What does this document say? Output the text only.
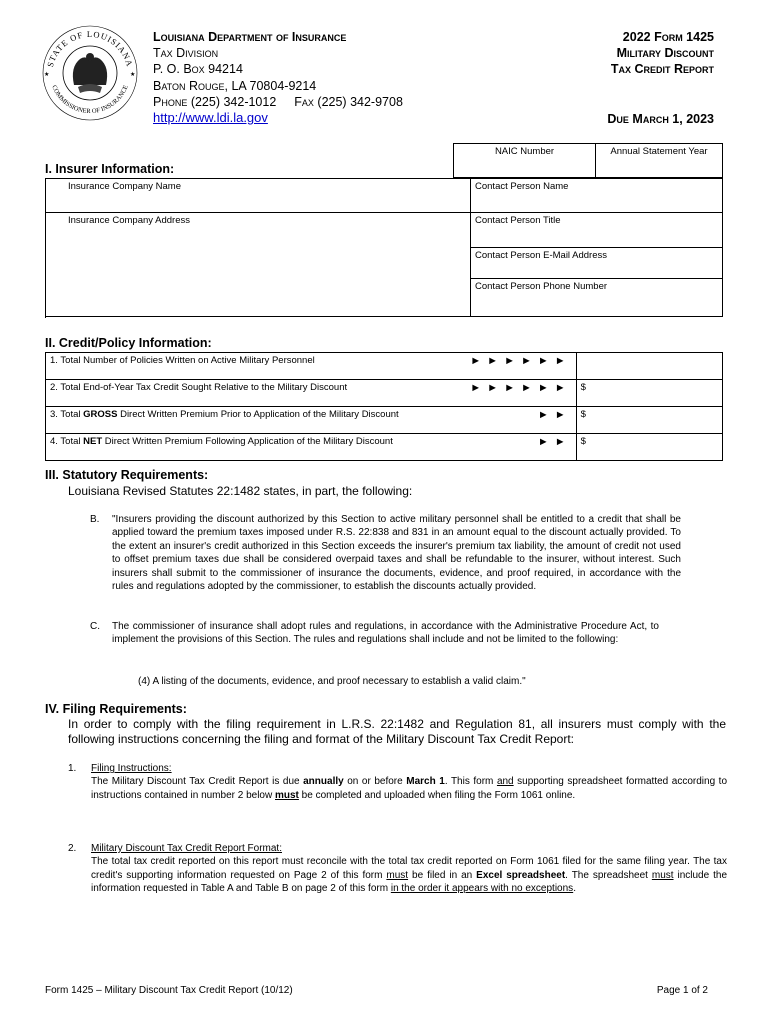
STATE OF LOUISIANA
COMMISSIONER OF INSURANCE
★	★
Louisiana Department of Insurance
Tax Division
P. O. Box 94214
Baton Rouge, LA 70804-9214
Phone (225) 342-1012 Fax (225) 342-9708
http://www.ldi.la.gov
2022 Form 1425
Military Discount
Tax Credit Report
Due March 1, 2023
NAIC Number	Annual Statement Year
I. Insurer Information:
Insurance Company Name	Contact Person Name
Insurance Company Address	Contact Person Title
	Contact Person E-Mail Address
	Contact Person Phone Number

II. Credit/Policy Information:
1. Total Number of Policies Written on Active Military Personnel ►►►►►►	

2. Total End-of-Year Tax Credit Sought Relative to the Military Discount ►►►►►►	$
3. Total GROSS Direct Written Premium Prior to Application of the Military Discount ►►	$
4. Total NET Direct Written Premium Following Application of the Military Discount ►►	$
III. Statutory Requirements:
Louisiana Revised Statutes 22:1482 states, in part, the following:
B.	"Insurers providing the discount authorized by this Section to active military personnel shall be entitled to a credit that shall be applied toward the premium taxes imposed under R.S. 22:838 and 831 in an amount equal to the discount actually provided. To the extent an insurer's credit authorized in this Section exceeds the insurer's premium tax liability, the amount of credit not used to offset premium taxes due shall be considered overpaid taxes and shall be refundable to the insurer, without interest. Such insurers shall submit to the commissioner of insurance the documents, evidence, and proof required, in accordance with the rules and regulations adopted by the commissioner, to establish the discounts actually provided.
C.	The commissioner of insurance shall adopt rules and regulations, in accordance with the Administrative Procedure Act, to implement the provisions of this Section. The rules and regulations shall include and not be limited to the following:
(4) A listing of the documents, evidence, and proof necessary to establish a valid claim."
IV. Filing Requirements:
In order to comply with the filing requirement in L.R.S. 22:1482 and Regulation 81, all insurers must comply with the following instructions concerning the filing and format of the Military Discount Tax Credit Report:
1. Filing Instructions:
The Military Discount Tax Credit Report is due annually on or before March 1. This form and supporting spreadsheet formatted according to instructions contained in number 2 below must be completed and uploaded when filing the Form 1061 online.
2. Military Discount Tax Credit Report Format:
The total tax credit reported on this report must reconcile with the total tax credit reported on Form 1061 filed for the same filing year. The tax credit's supporting information requested on Page 2 of this form must be filed in an Excel spreadsheet. The spreadsheet must include the information requested in Table A and Table B on page 2 of this form in the order it appears with no exceptions.
Form 1425 – Military Discount Tax Credit Report (10/12)	Page 1 of 2
